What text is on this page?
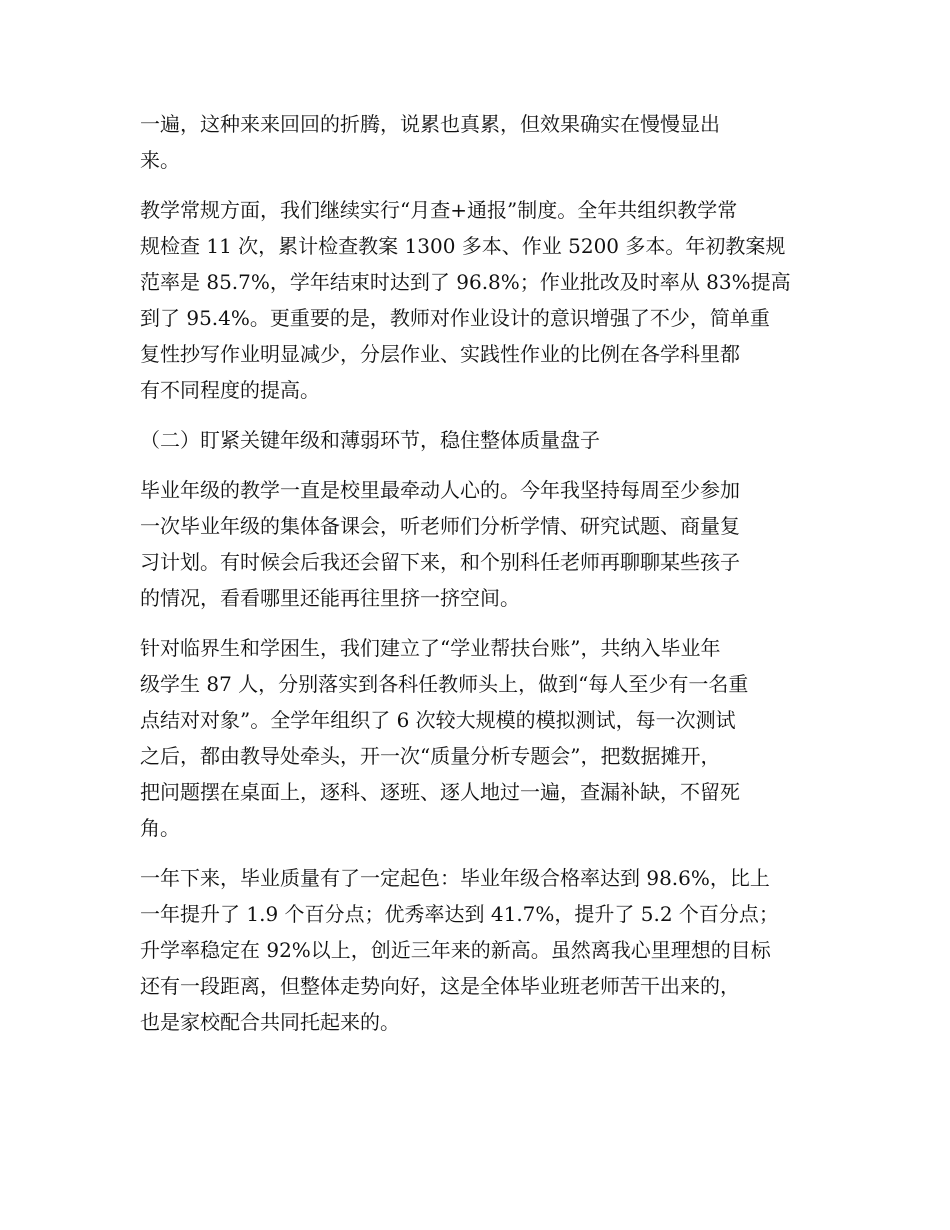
一遍，这种来来回回的折腾，说累也真累，但效果确实在慢慢显出
来。
教学常规方面，我们继续实行“月查+通报”制度。全年共组织教学常
规检查 11 次，累计检查教案 1300 多本、作业 5200 多本。年初教案规
范率是 85.7%，学年结束时达到了 96.8%；作业批改及时率从 83%提高
到了 95.4%。更重要的是，教师对作业设计的意识增强了不少，简单重
复性抄写作业明显减少，分层作业、实践性作业的比例在各学科里都
有不同程度的提高。
（二）盯紧关键年级和薄弱环节，稳住整体质量盘子
毕业年级的教学一直是校里最牵动人心的。今年我坚持每周至少参加
一次毕业年级的集体备课会，听老师们分析学情、研究试题、商量复
习计划。有时候会后我还会留下来，和个别科任老师再聊聊某些孩子
的情况，看看哪里还能再往里挤一挤空间。
针对临界生和学困生，我们建立了“学业帮扶台账”，共纳入毕业年
级学生 87 人，分别落实到各科任教师头上，做到“每人至少有一名重
点结对对象”。全学年组织了 6 次较大规模的模拟测试，每一次测试
之后，都由教导处牵头，开一次“质量分析专题会”，把数据摊开，
把问题摆在桌面上，逐科、逐班、逐人地过一遍，查漏补缺，不留死
角。
一年下来，毕业质量有了一定起色：毕业年级合格率达到 98.6%，比上
一年提升了 1.9 个百分点；优秀率达到 41.7%，提升了 5.2 个百分点；
升学率稳定在 92%以上，创近三年来的新高。虽然离我心里理想的目标
还有一段距离，但整体走势向好，这是全体毕业班老师苦干出来的，
也是家校配合共同托起来的。
